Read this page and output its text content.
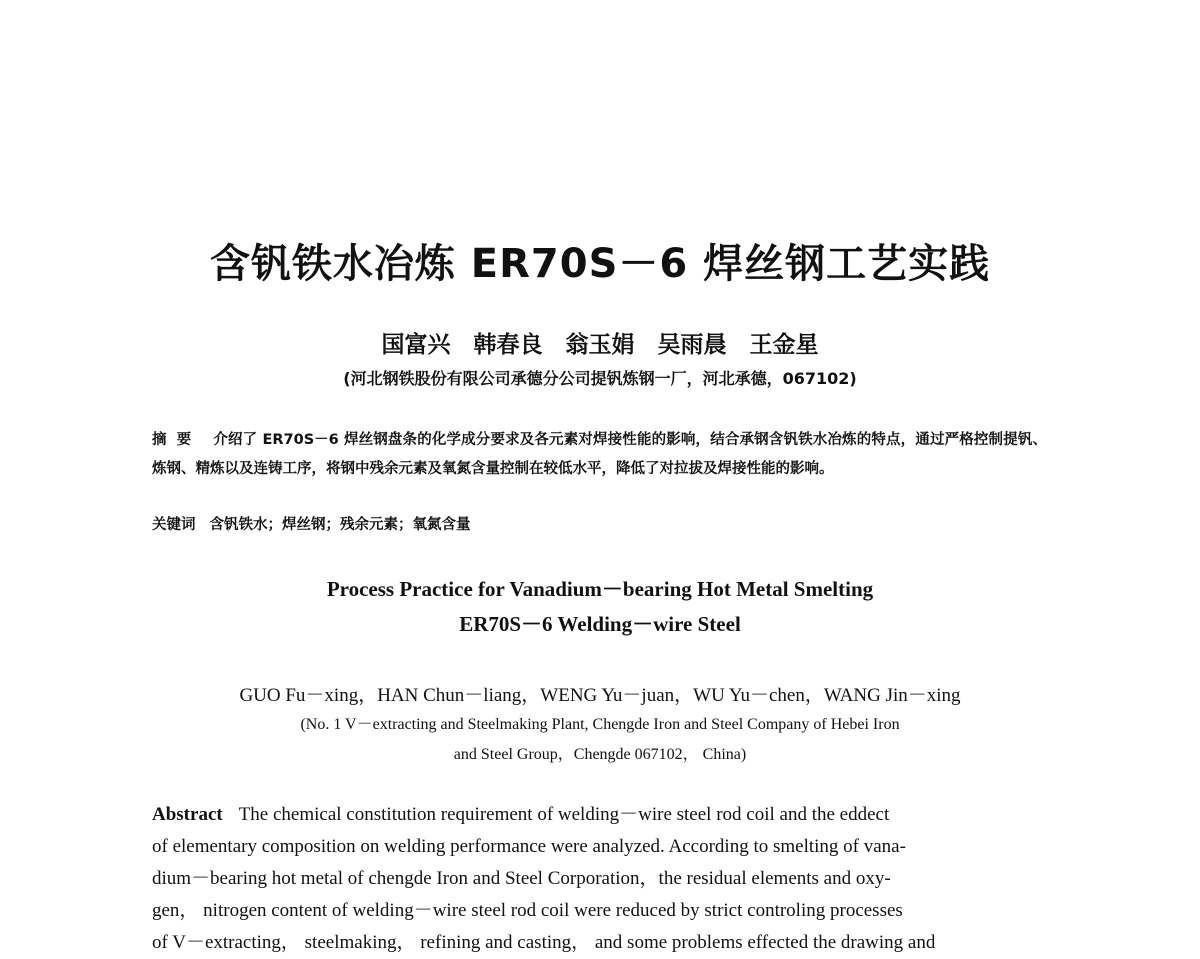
含钒铁水冶炼 ER70S－6 焊丝钢工艺实践
国富兴　韩春良　翁玉娟　吴雨晨　王金星
(河北钢铁股份有限公司承德分公司提钒炼钢一厂，河北承德，067102)
摘要 介绍了 ER70S－6 焊丝钢盘条的化学成分要求及各元素对焊接性能的影响，结合承钢含钒铁水冶炼的特点，通过严格控制提钒、炼钢、精炼以及连铸工序，将钢中残余元素及氧氮含量控制在较低水平，降低了对拉拔及焊接性能的影响。
关键词 含钒铁水；焊丝钢；残余元素；氧氮含量
Process Practice for Vanadium－bearing Hot Metal Smelting
ER70S－6 Welding－wire Steel
GUO Fu－xing，HAN Chun－liang，WENG Yu－juan，WU Yu－chen，WANG Jin－xing
(No. 1 V－extracting and Steelmaking Plant, Chengde Iron and Steel Company of Hebei Iron
and Steel Group，Chengde 067102， China)
Abstract The chemical constitution requirement of welding－wire steel rod coil and the eddect
of elementary composition on welding performance were analyzed. According to smelting of vana-
dium－bearing hot metal of chengde Iron and Steel Corporation，the residual elements and oxy-
gen， nitrogen content of welding－wire steel rod coil were reduced by strict controling processes
of V－extracting， steelmaking， refining and casting， and some problems effected the drawing and
